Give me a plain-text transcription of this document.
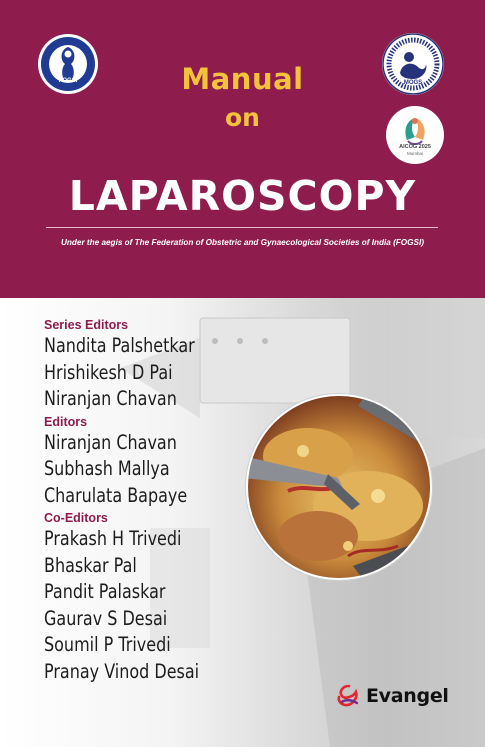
FOGSI	MOGS
AICOG 2025
Mumbai
Manual
on
LAPAROSCOPY
Under the aegis of The Federation of Obstetric and Gynaecological Societies of India (FOGSI)
Series Editors
Nandita Palshetkar
Hrishikesh D Pai
Niranjan Chavan
Editors
Niranjan Chavan
Subhash Mallya
Charulata Bapaye
Co-Editors
Prakash H Trivedi
Bhaskar Pal
Pandit Palaskar
Gaurav S Desai
Soumil P Trivedi
Pranay Vinod Desai
Evangel
